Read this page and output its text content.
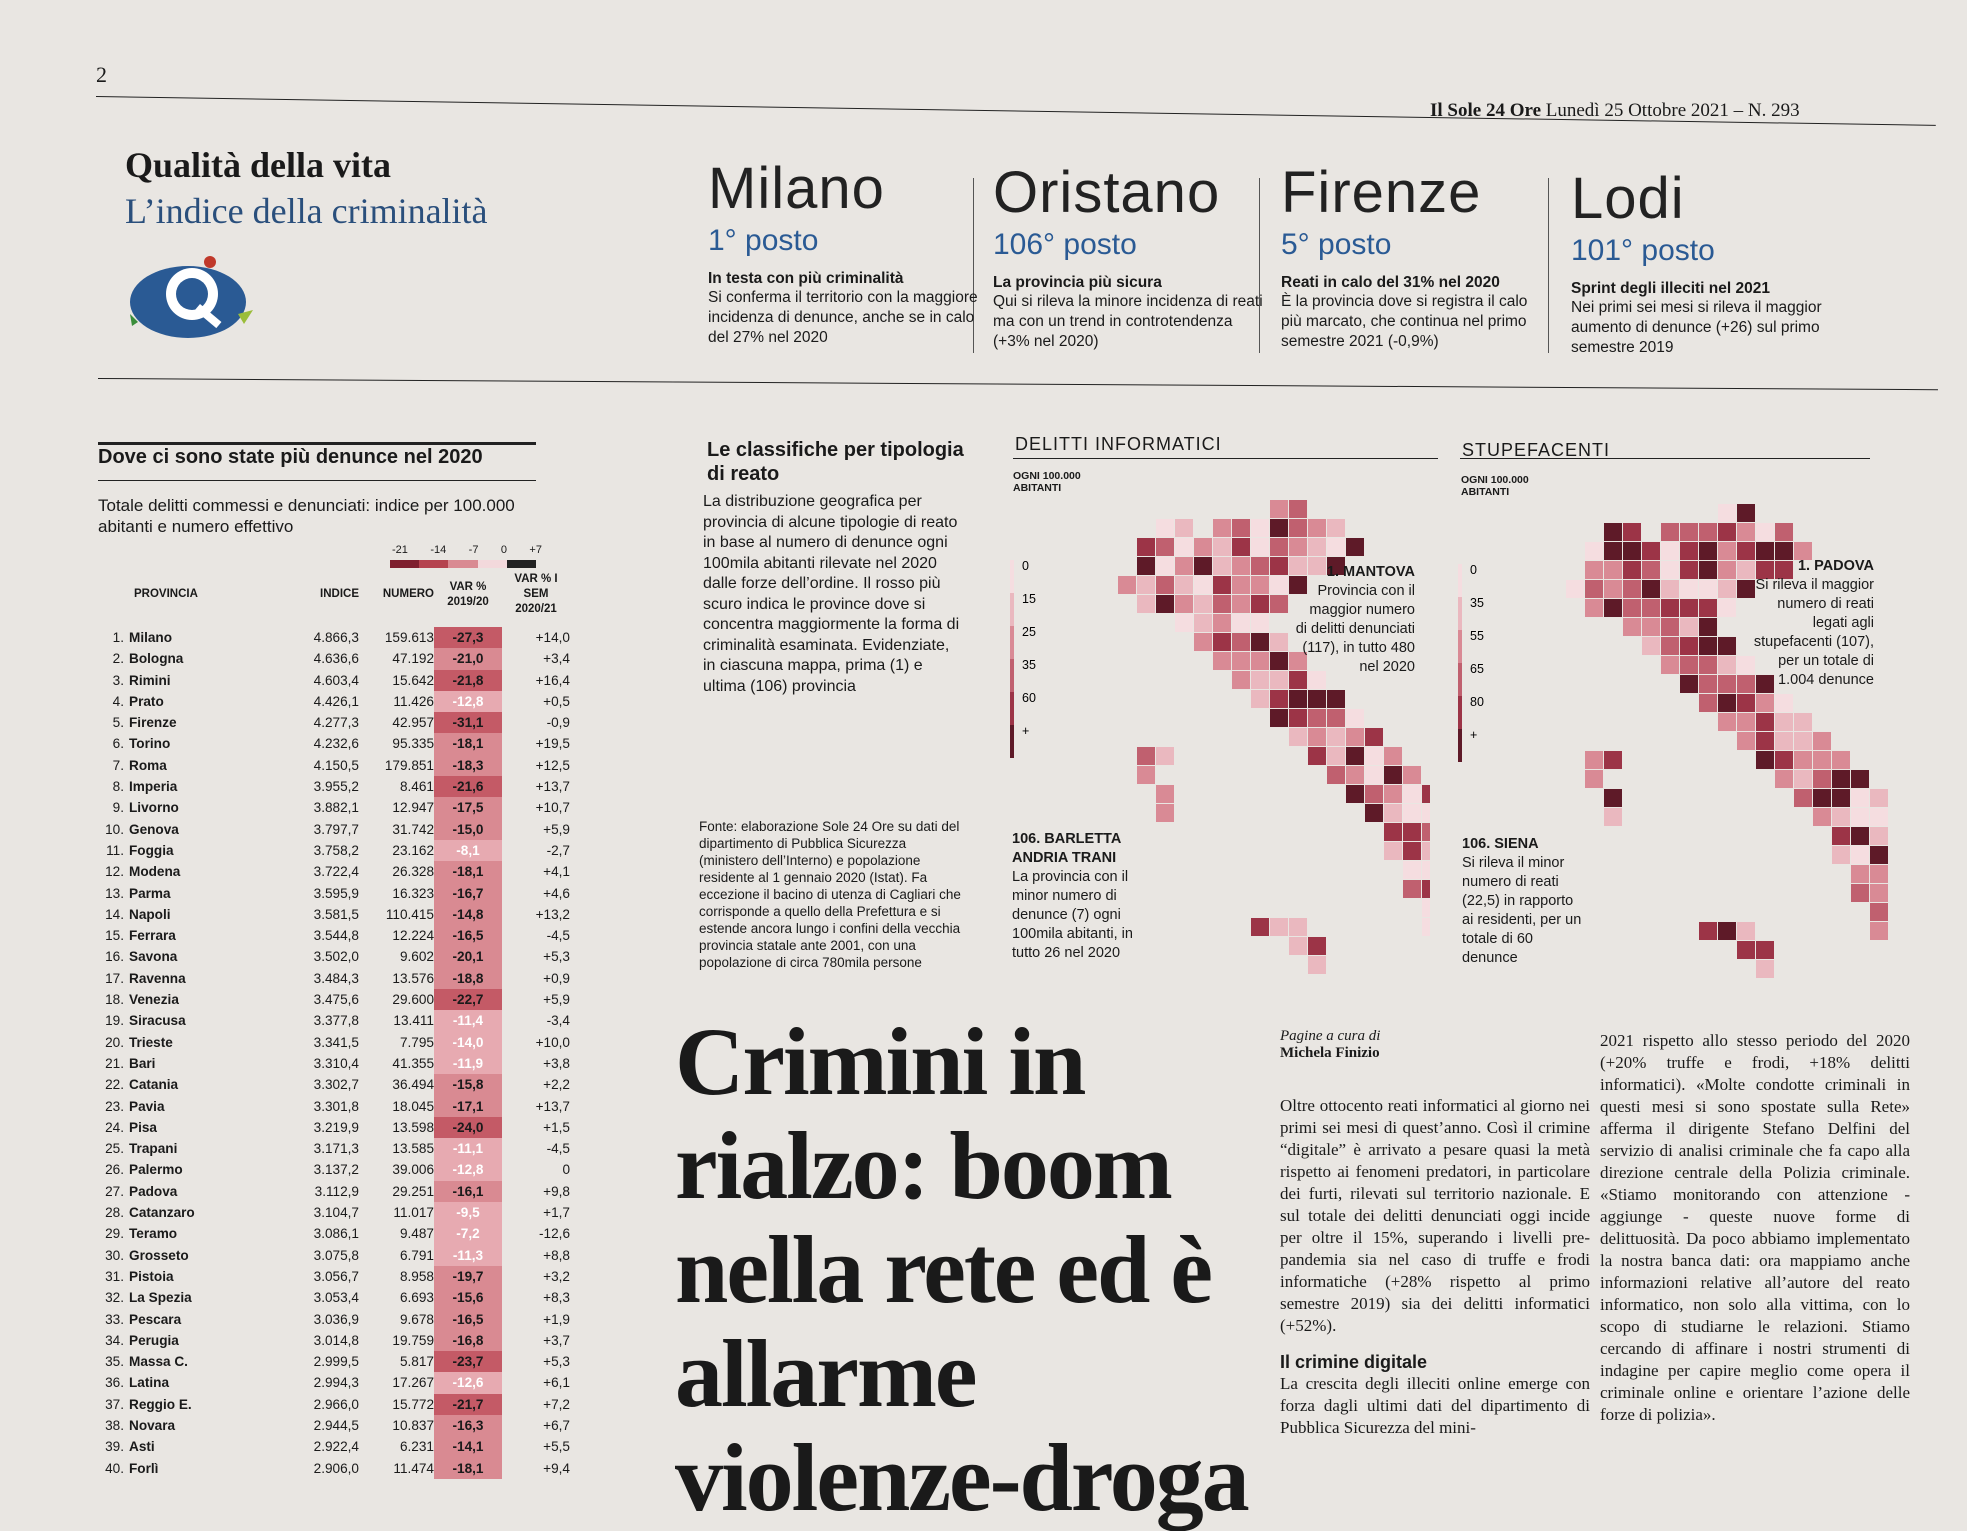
2
Il Sole 24 Ore Lunedì 25 Ottobre 2021 – N. 293
Qualità della vita
L’indice della criminalità	Milano
1° posto
In testa con più criminalità
Si conferma il territorio con la maggiore incidenza di denunce, anche se in calo del 27% nel 2020
Oristano
106° posto
La provincia più sicura
Qui si rileva la minore incidenza di reati ma con un trend in controtendenza (+3% nel 2020)
Firenze
5° posto
Reati in calo del 31% nel 2020
È la provincia dove si registra il calo più marcato, che continua nel primo semestre 2021 (-0,9%)
Lodi
101° posto
Sprint degli illeciti nel 2021
Nei primi sei mesi si rileva il maggior aumento di denunce (+26) sul primo semestre 2019
Dove ci sono state più denunce nel 2020
Totale delitti commessi e denunciati: indice per 100.000 abitanti e numero effettivo
-21 -14 -7 0 +7
PROVINCIA	INDICE	NUMERO	VAR % 2019/20	VAR % I SEM 2020/21
1. Milano	4.866,3	159.613	-27,3	+14,0
2. Bologna	4.636,6	47.192	-21,0	+3,4
3. Rimini	4.603,4	15.642	-21,8	+16,4
4. Prato	4.426,1	11.426	-12,8	+0,5
5. Firenze	4.277,3	42.957	-31,1	-0,9
6. Torino	4.232,6	95.335	-18,1	+19,5
7. Roma	4.150,5	179.851	-18,3	+12,5
8. Imperia	3.955,2	8.461	-21,6	+13,7
9. Livorno	3.882,1	12.947	-17,5	+10,7
10. Genova	3.797,7	31.742	-15,0	+5,9
11. Foggia	3.758,2	23.162	-8,1	-2,7
12. Modena	3.722,4	26.328	-18,1	+4,1
13. Parma	3.595,9	16.323	-16,7	+4,6
14. Napoli	3.581,5	110.415	-14,8	+13,2
15. Ferrara	3.544,8	12.224	-16,5	-4,5
16. Savona	3.502,0	9.602	-20,1	+5,3
17. Ravenna	3.484,3	13.576	-18,8	+0,9
18. Venezia	3.475,6	29.600	-22,7	+5,9
19. Siracusa	3.377,8	13.411	-11,4	-3,4
20. Trieste	3.341,5	7.795	-14,0	+10,0
21. Bari	3.310,4	41.355	-11,9	+3,8
22. Catania	3.302,7	36.494	-15,8	+2,2
23. Pavia	3.301,8	18.045	-17,1	+13,7
24. Pisa	3.219,9	13.598	-24,0	+1,5
25. Trapani	3.171,3	13.585	-11,1	-4,5
26. Palermo	3.137,2	39.006	-12,8	0
27. Padova	3.112,9	29.251	-16,1	+9,8
28. Catanzaro	3.104,7	11.017	-9,5	+1,7
29. Teramo	3.086,1	9.487	-7,2	-12,6
30. Grosseto	3.075,8	6.791	-11,3	+8,8
31. Pistoia	3.056,7	8.958	-19,7	+3,2
32. La Spezia	3.053,4	6.693	-15,6	+8,3
33. Pescara	3.036,9	9.678	-16,5	+1,9
34. Perugia	3.014,8	19.759	-16,8	+3,7
35. Massa C.	2.999,5	5.817	-23,7	+5,3
36. Latina	2.994,3	17.267	-12,6	+6,1
37. Reggio E.	2.966,0	15.772	-21,7	+7,2
38. Novara	2.944,5	10.837	-16,3	+6,7
39. Asti	2.922,4	6.231	-14,1	+5,5
40. Forlì	2.906,0	11.474	-18,1	+9,4
Le classifiche per tipologia di reato
La distribuzione geografica per provincia di alcune tipologie di reato in base al numero di denunce ogni 100mila abitanti rilevate nel 2020 dalle forze dell’ordine. Il rosso più scuro indica le province dove si concentra maggiormente la forma di criminalità esaminata. Evidenziate, in ciascuna mappa, prima (1) e ultima (106) provincia
Fonte: elaborazione Sole 24 Ore su dati del dipartimento di Pubblica Sicurezza (ministero dell’Interno) e popolazione residente al 1 gennaio 2020 (Istat). Fa eccezione il bacino di utenza di Cagliari che corrisponde a quello della Prefettura e si estende ancora lungo i confini della vecchia provincia statale ante 2001, con una popolazione di circa 780mila persone
DELITTI INFORMATICI
OGNI 100.000 ABITANTI
0
15
25
35
60
+
1. MANTOVA
Provincia con il maggior numero di delitti denunciati (117), in tutto 480 nel 2020
106. BARLETTA ANDRIA TRANI
La provincia con il minor numero di denunce (7) ogni 100mila abitanti, in tutto 26 nel 2020
STUPEFACENTI
OGNI 100.000 ABITANTI
0
35
55
65
80
+
1. PADOVA
Si rileva il maggior numero di reati legati agli stupefacenti (107), per un totale di 1.004 denunce
106. SIENA
Si rileva il minor numero di reati (22,5) in rapporto ai residenti, per un totale di 60 denunce
Crimini in rialzo: boom nella rete ed è allarme violenze-droga
Pagine a cura di
Michela Finizio
Oltre ottocento reati informatici al giorno nei primi sei mesi di quest’anno. Così il crimine “digitale” è arrivato a pesare quasi la metà rispetto ai fenomeni predatori, in particolare dei furti, rilevati sul territorio nazionale. E sul totale dei delitti denunciati oggi incide per oltre il 15%, superando i livelli pre-pandemia sia nel caso di truffe e frodi informatiche (+28% rispetto al primo semestre 2019) sia dei delitti informatici (+52%).
Il crimine digitale
La crescita degli illeciti online emerge con forza dagli ultimi dati del dipartimento di Pubblica Sicurezza del mini-
2021 rispetto allo stesso periodo del 2020 (+20% truffe e frodi, +18% delitti informatici). «Molte condotte criminali in questi mesi si sono spostate sulla Rete» afferma il dirigente Stefano Delfini del servizio di analisi criminale che fa capo alla direzione centrale della Polizia criminale. «Stiamo monitorando con attenzione - aggiunge - queste nuove forme di delittuosità. Da poco abbiamo implementato la nostra banca dati: ora mappiamo anche informazioni relative all’autore del reato informatico, non solo alla vittima, con lo scopo di studiarne le relazioni. Stiamo cercando di affinare i nostri strumenti di indagine per capire meglio come opera il criminale online e orientare l’azione delle forze di polizia».
